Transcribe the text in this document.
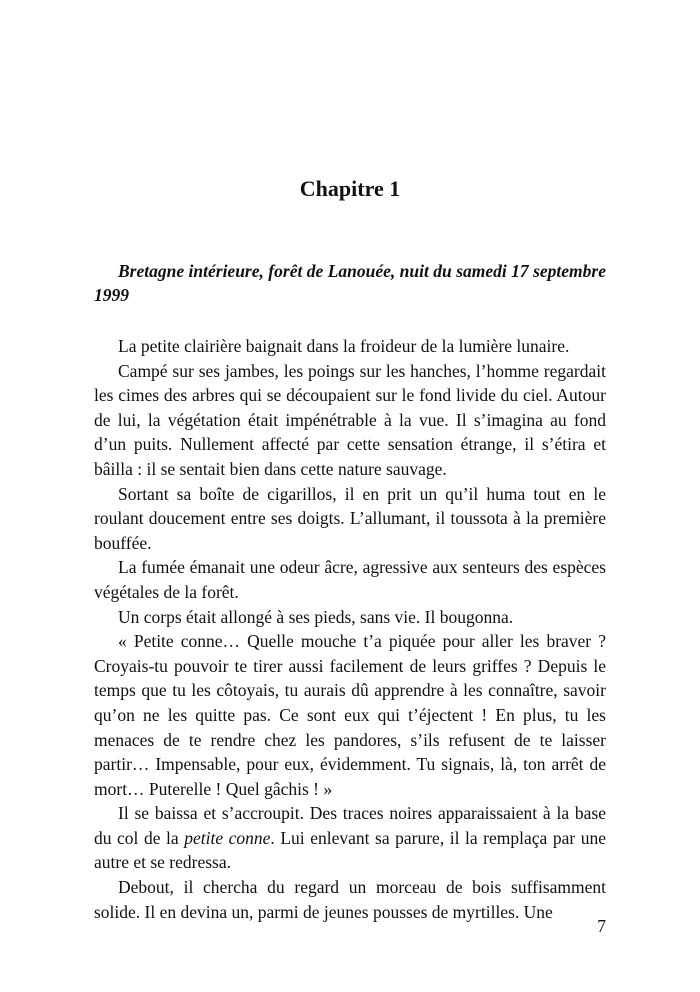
Chapitre 1

Bretagne intérieure, forêt de Lanouée, nuit du samedi 17 septembre 1999

La petite clairière baignait dans la froideur de la lumière lunaire.

Campé sur ses jambes, les poings sur les hanches, l’homme regardait les cimes des arbres qui se découpaient sur le fond livide du ciel. Autour de lui, la végétation était impénétrable à la vue. Il s’imagina au fond d’un puits. Nullement affecté par cette sensation étrange, il s’étira et bâilla : il se sentait bien dans cette nature sauvage.

Sortant sa boîte de cigarillos, il en prit un qu’il huma tout en le roulant doucement entre ses doigts. L’allumant, il toussota à la première bouffée.

La fumée émanait une odeur âcre, agressive aux senteurs des espèces végétales de la forêt.

Un corps était allongé à ses pieds, sans vie. Il bougonna.

« Petite conne… Quelle mouche t’a piquée pour aller les braver ? Croyais-tu pouvoir te tirer aussi facilement de leurs griffes ? Depuis le temps que tu les côtoyais, tu aurais dû apprendre à les connaître, savoir qu’on ne les quitte pas. Ce sont eux qui t’éjectent ! En plus, tu les menaces de te rendre chez les pandores, s’ils refusent de te laisser partir… Impensable, pour eux, évidemment. Tu signais, là, ton arrêt de mort… Puterelle ! Quel gâchis ! »

Il se baissa et s’accroupit. Des traces noires apparaissaient à la base du col de la petite conne. Lui enlevant sa parure, il la remplaça par une autre et se redressa.

Debout, il chercha du regard un morceau de bois suffisamment solide. Il en devina un, parmi de jeunes pousses de myrtilles. Une

7
